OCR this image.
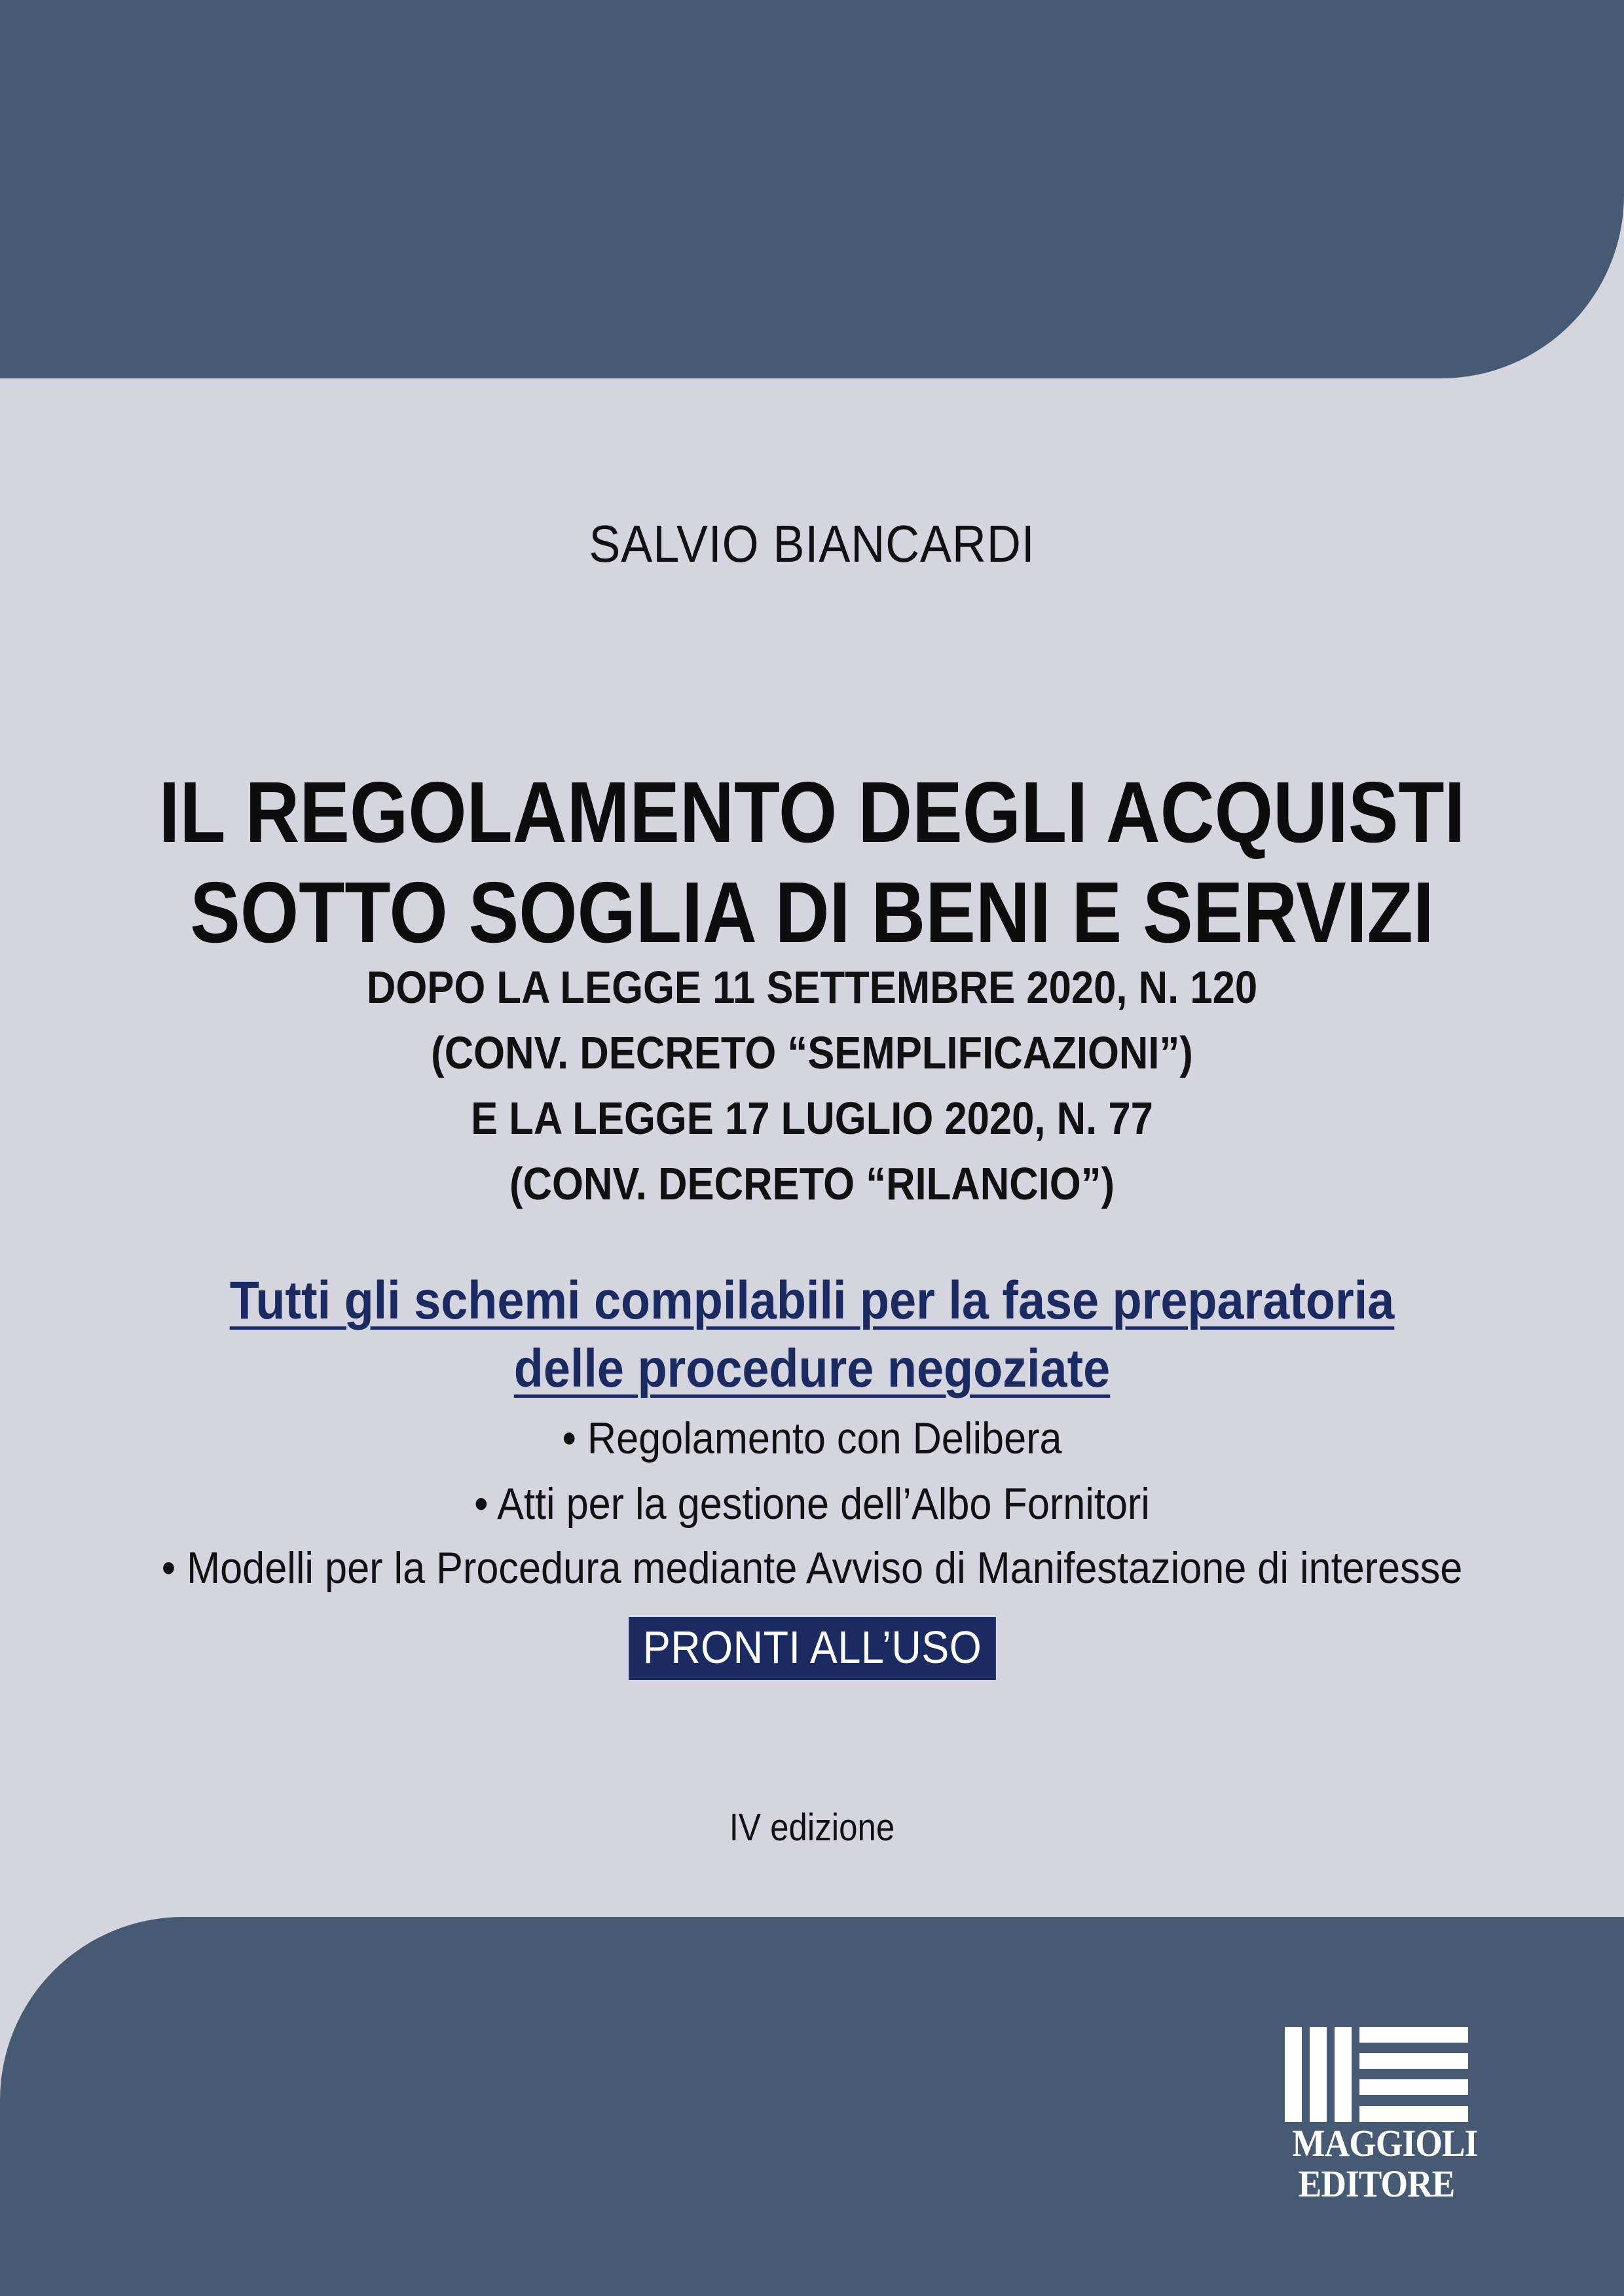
SALVIO BIANCARDI
IL REGOLAMENTO DEGLI ACQUISTI
SOTTO SOGLIA DI BENI E SERVIZI
DOPO LA LEGGE 11 SETTEMBRE 2020, N. 120
(CONV. DECRETO “SEMPLIFICAZIONI”)
E LA LEGGE 17 LUGLIO 2020, N. 77
(CONV. DECRETO “RILANCIO”)
Tutti gli schemi compilabili per la fase preparatoria
delle procedure negoziate
• Regolamento con Delibera
• Atti per la gestione dell’Albo Fornitori
• Modelli per la Procedura mediante Avviso di Manifestazione di interesse
PRONTI ALL’USO
IV edizione
MAGGIOLI
EDITORE
